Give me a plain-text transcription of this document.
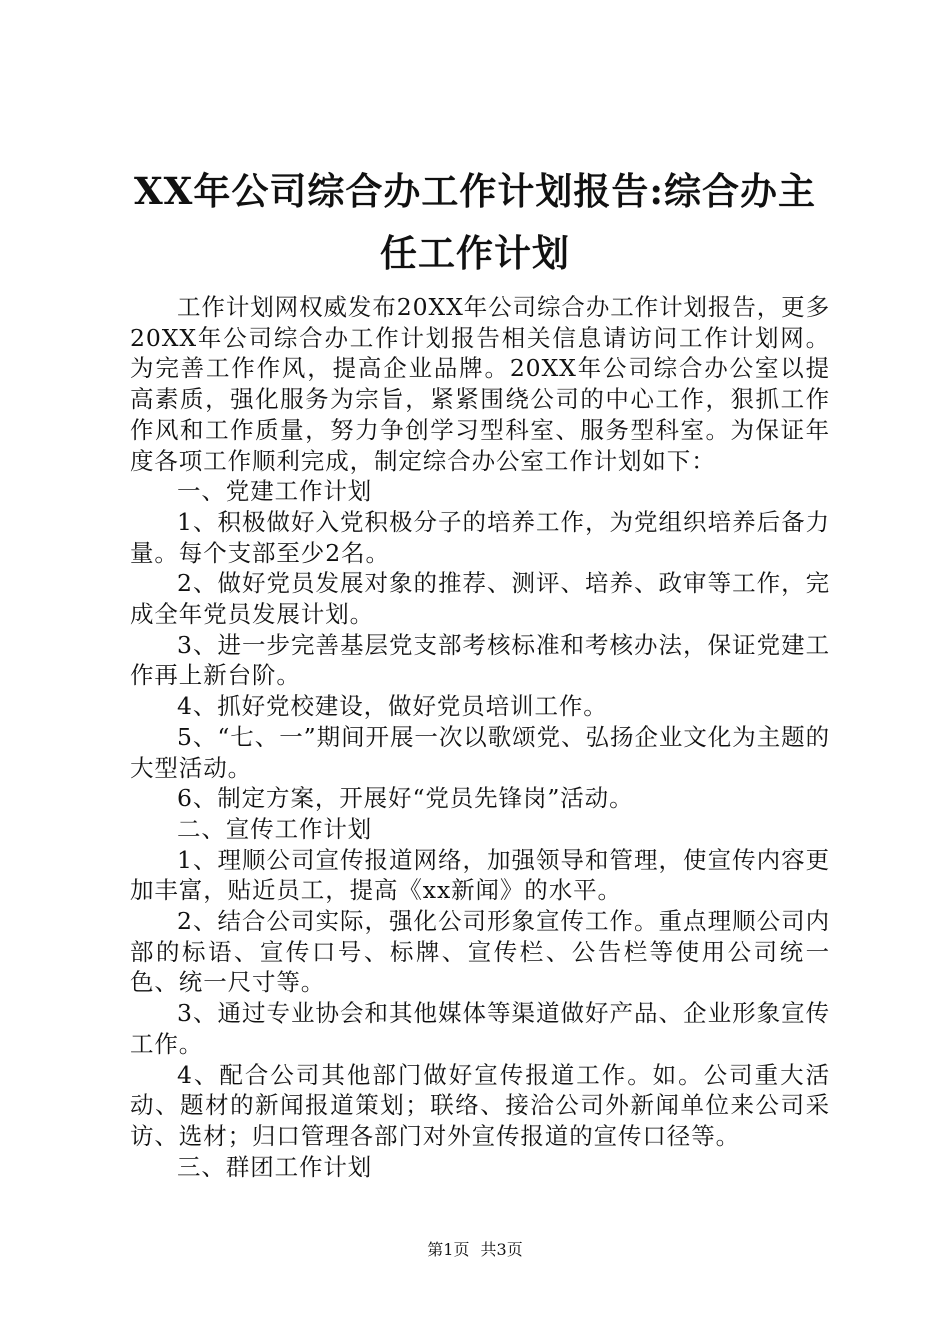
XX年公司综合办工作计划报告:综合办主任工作计划

工作计划网权威发布20XX年公司综合办工作计划报告，更多20XX年公司综合办工作计划报告相关信息请访问工作计划网。为完善工作作风，提高企业品牌。20XX年公司综合办公室以提高素质，强化服务为宗旨，紧紧围绕公司的中心工作，狠抓工作作风和工作质量，努力争创学习型科室、服务型科室。为保证年度各项工作顺利完成，制定综合办公室工作计划如下：

一、党建工作计划

1、积极做好入党积极分子的培养工作，为党组织培养后备力量。每个支部至少2名。

2、做好党员发展对象的推荐、测评、培养、政审等工作，完成全年党员发展计划。

3、进一步完善基层党支部考核标准和考核办法，保证党建工作再上新台阶。

4、抓好党校建设，做好党员培训工作。

5、“七、一”期间开展一次以歌颂党、弘扬企业文化为主题的大型活动。

6、制定方案，开展好“党员先锋岗”活动。

二、宣传工作计划

1、理顺公司宣传报道网络，加强领导和管理，使宣传内容更加丰富，贴近员工，提高《xx新闻》的水平。

2、结合公司实际，强化公司形象宣传工作。重点理顺公司内部的标语、宣传口号、标牌、宣传栏、公告栏等使用公司统一色、统一尺寸等。

3、通过专业协会和其他媒体等渠道做好产品、企业形象宣传工作。

4、配合公司其他部门做好宣传报道工作。如。公司重大活动、题材的新闻报道策划；联络、接洽公司外新闻单位来公司采访、选材；归口管理各部门对外宣传报道的宣传口径等。

三、群团工作计划

第1页 共3页
